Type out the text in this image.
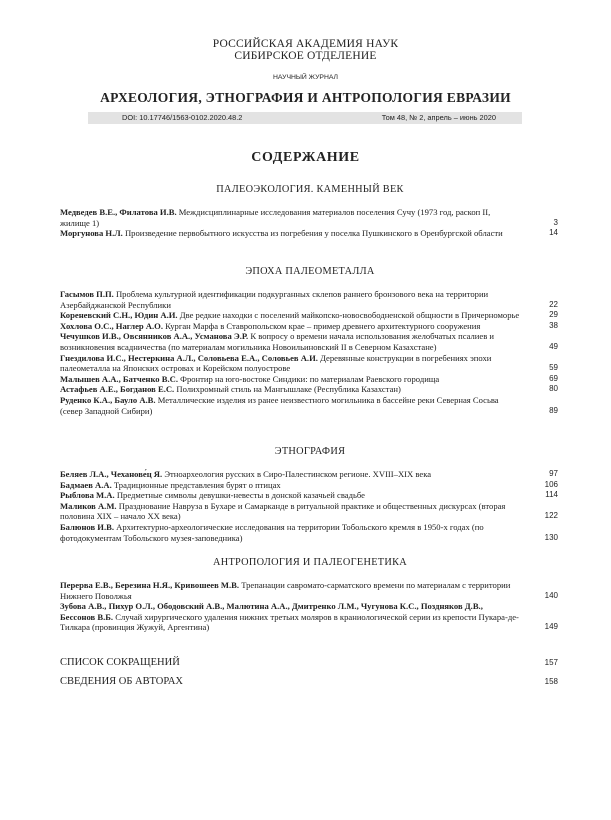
РОССИЙСКАЯ АКАДЕМИЯ НАУК
СИБИРСКОЕ ОТДЕЛЕНИЕ
НАУЧНЫЙ ЖУРНАЛ
АРХЕОЛОГИЯ, ЭТНОГРАФИЯ И АНТРОПОЛОГИЯ ЕВРАЗИИ
DOI: 10.17746/1563-0102.2020.48.2	Том 48, № 2, апрель – июнь 2020
СОДЕРЖАНИЕ
ПАЛЕОЭКОЛОГИЯ. КАМЕННЫЙ ВЕК
Медведев В.Е., Филатова И.В. Междисциплинарные исследования материалов поселения Сучу (1973 год, раскоп II, жилище 1)	3
Моргунова Н.Л. Произведение первобытного искусства из погребения у поселка Пушкинского в Оренбургской области	14
ЭПОХА ПАЛЕОМЕТАЛЛА
Гасымов П.П. Проблема культурной идентификации подкурганных склепов раннего бронзового века на территории Азербайджанской Республики	22
Кореневский С.Н., Юдин А.И. Две редкие находки с поселений майкопско-новосвободненской общности в Причерноморье	29
Хохлова О.С., Наглер А.О. Курган Марфа в Ставропольском крае – пример древнего архитектурного сооружения	38
Чечушков И.В., Овсянников А.А., Усманова Э.Р. К вопросу о времени начала использования желобчатых псалиев и возникновения всадничества (по материалам могильника Новоильиновский II в Северном Казахстане)	49
Гнездилова И.С., Нестеркина А.Л., Соловьева Е.А., Соловьев А.И. Деревянные конструкции в погребениях эпохи палеометалла на Японских островах и Корейском полуострове	59
Малышев А.А., Батченко В.С. Фронтир на юго-востоке Синдики: по материалам Раевского городища	69
Астафьев А.Е., Богданов Е.С. Полихромный стиль на Мангышлаке (Республика Казахстан)	80
Руденко К.А., Бауло А.В. Металлические изделия из ранее неизвестного могильника в бассейне реки Северная Сосьва (север Западной Сибири)	89
ЭТНОГРАФИЯ
Беляев Л.А., Чеханове́ц Я. Этноархеология русских в Сиро-Палестинском регионе. XVIII–XIX века	97
Бадмаев А.А. Традиционные представления бурят о птицах	106
Рыблова М.А. Предметные символы девушки-невесты в донской казачьей свадьбе	114
Маликов А.М. Празднование Навруза в Бухаре и Самарканде в ритуальной практике и общественных дискурсах (вторая половина XIX – начало XX века)	122
Балюнов И.В. Архитектурно-археологические исследования на территории Тобольского кремля в 1950-х годах (по фотодокументам Тобольского музея-заповедника)	130
АНТРОПОЛОГИЯ И ПАЛЕОГЕНЕТИКА
Перерва Е.В., Березина Н.Я., Кривошеев М.В. Трепанации савромато-сарматского времени по материалам с территории Нижнего Поволжья	140
Зубова А.В., Пихур О.Л., Ободовский А.В., Малютина А.А., Дмитренко Л.М., Чугунова К.С., Поздняков Д.В., Бессонов В.Б. Случай хирургического удаления нижних третьих моляров в краниологической серии из крепости Пукара-де-Тилкара (провинция Жужуй, Аргентина)	149
СПИСОК СОКРАЩЕНИЙ	157
СВЕДЕНИЯ ОБ АВТОРАХ	158
